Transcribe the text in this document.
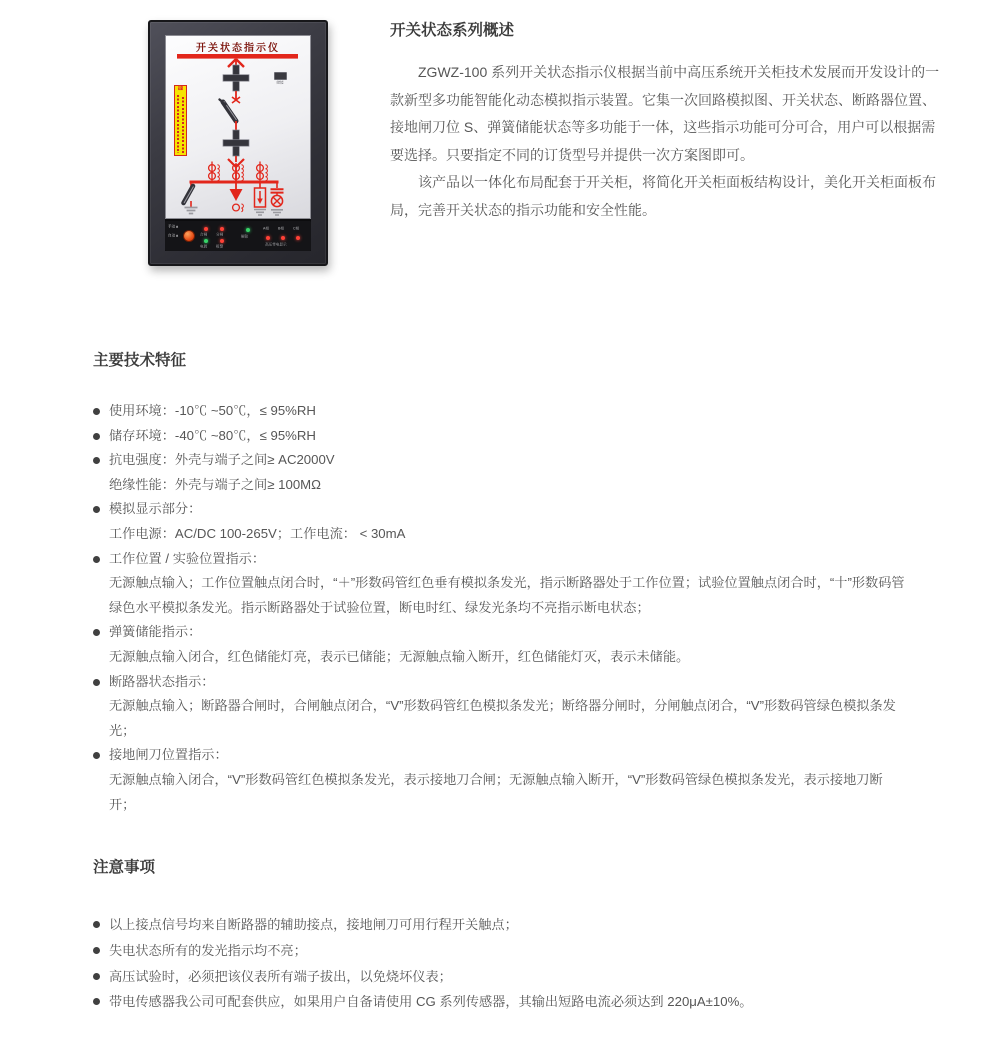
开关状态指示仪
警告
储能
手动▲
自动▲	合闸 分闸
电源 报警
解除
A相 B相 C相
高压带电显示
开关状态系列概述

ZGWZ-100 系列开关状态指示仪根据当前中高压系统开关柜技术发展而开发设计的一款新型多功能智能化动态模拟指示装置。它集一次回路模拟图、开关状态、断路器位置、接地闸刀位 S、弹簧储能状态等多功能于一体，这些指示功能可分可合，用户可以根据需要选择。只要指定不同的订货型号并提供一次方案图即可。

该产品以一体化布局配套于开关柜，将简化开关柜面板结构设计，美化开关柜面板布局，完善开关状态的指示功能和安全性能。

主要技术特征
使用环境：-10℃ ~50℃，≤ 95%RH
储存环境：-40℃ ~80℃，≤ 95%RH
抗电强度：外壳与端子之间≥ AC2000V
绝缘性能：外壳与端子之间≥ 100MΩ
模拟显示部分：
工作电源：AC/DC 100-265V；工作电流： < 30mA
工作位置 / 实验位置指示：
无源触点输入；工作位置触点闭合时，“＋”形数码管红色垂有模拟条发光，指示断路器处于工作位置；试验位置触点闭合时，“十”形数码管绿色水平模拟条发光。指示断路器处于试验位置，断电时红、绿发光条均不亮指示断电状态；
弹簧储能指示：
无源触点输入闭合，红色储能灯亮，表示已储能；无源触点输入断开，红色储能灯灭，表示未储能。
断路器状态指示：
无源触点输入；断路器合闸时，合闸触点闭合，“V”形数码管红色模拟条发光；断络器分闸时，分闸触点闭合，“V”形数码管绿色模拟条发光；
接地闸刀位置指示：
无源触点输入闭合，“V”形数码管红色模拟条发光，表示接地刀合闸；无源触点输入断开，“V”形数码管绿色模拟条发光，表示接地刀断开；
注意事项
以上接点信号均来自断路器的辅助接点，接地闸刀可用行程开关触点；
失电状态所有的发光指示均不亮；
高压试验时，必须把该仪表所有端子拔出，以免烧坏仪表；
带电传感器我公司可配套供应，如果用户自备请使用 CG 系列传感器，其输出短路电流必须达到 220μA±10%。
